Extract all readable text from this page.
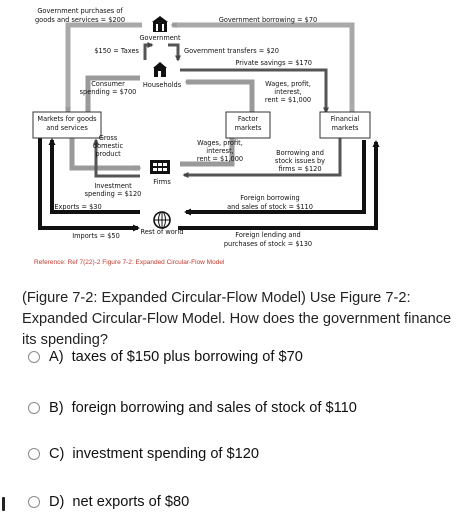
Government
Households
Firms
Rest of world
Markets for goods
and services
Factor
markets
Financial
markets
Government purchases of
goods and services = $200	Government borrowing = $70
$150 = Taxes	Government transfers = $20
Private savings = $170
Consumer
spending = $700
Wages, profit,
interest,
rent = $1,000
Gross
domestic
product
Wages, profit,
interest,
rent = $1,000
Borrowing and
stock issues by
firms = $120
Investment
spending = $120
Exports = $30
Foreign borrowing
and sales of stock = $110
Imports = $50	Foreign lending and
purchases of stock = $130
Reference: Ref 7(22)-2 Figure 7-2: Expanded Circular-Flow Model
(Figure 7-2: Expanded Circular-Flow Model) Use Figure 7-2: Expanded Circular-Flow Model. How does the government finance its spending?
A) taxes of $150 plus borrowing of $70
B) foreign borrowing and sales of stock of $110
C) investment spending of $120
D) net exports of $80
